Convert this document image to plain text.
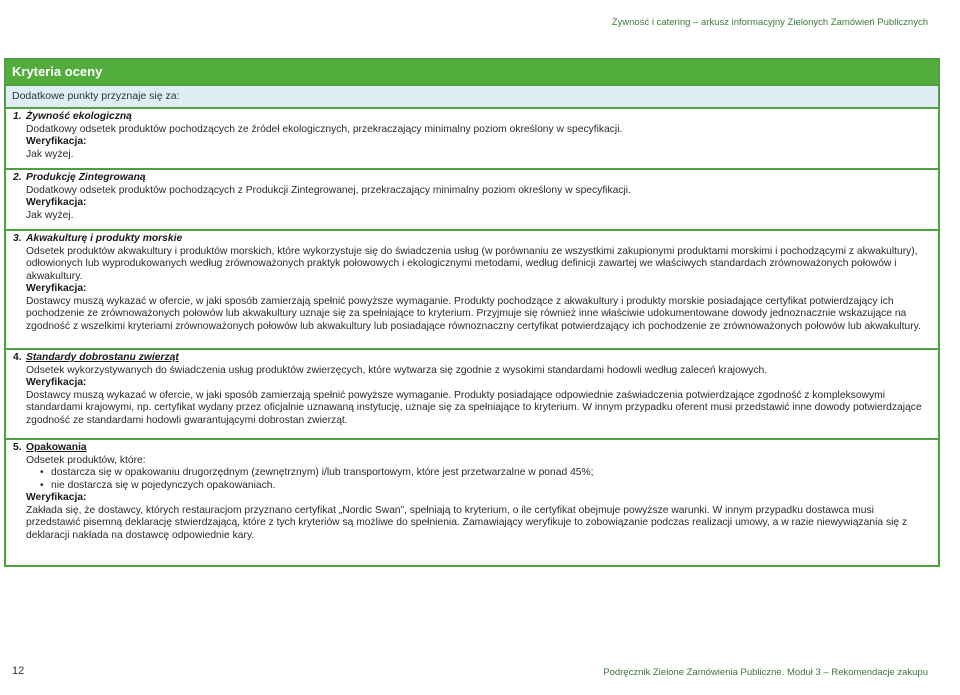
Żywność i catering – arkusz informacyjny Zielonych Zamówień Publicznych
Kryteria oceny
Dodatkowe punkty przyznaje się za:
1. Żywność ekologiczną
Dodatkowy odsetek produktów pochodzących ze źródeł ekologicznych, przekraczający minimalny poziom określony w specyfikacji.
Weryfikacja:
Jak wyżej.
2. Produkcję Zintegrowaną
Dodatkowy odsetek produktów pochodzących z Produkcji Zintegrowanej, przekraczający minimalny poziom określony w specyfikacji.
Weryfikacja:
Jak wyżej.
3. Akwakulturę i produkty morskie
Odsetek produktów akwakultury i produktów morskich, które wykorzystuje się do świadczenia usług (w porównaniu ze wszystkimi zakupionymi produktami morskimi i pochodzącymi z akwakultury), odłowionych lub wyprodukowanych według zrównoważonych praktyk połowowych i ekologicznymi metodami, według definicji zawartej we właściwych standardach zrównoważonych połowów i akwakultury.
Weryfikacja:
Dostawcy muszą wykazać w ofercie, w jaki sposób zamierzają spełnić powyższe wymaganie. Produkty pochodzące z akwakultury i produkty morskie posiadające certyfikat potwierdzający ich pochodzenie ze zrównoważonych połowów lub akwakultury uznaje się za spełniające to kryterium. Przyjmuje się również inne właściwie udokumentowane dowody jednoznacznie wskazujące na zgodność z wszelkimi kryteriami zrównoważonych połowów lub akwakultury lub posiadające równoznaczny certyfikat potwierdzający ich pochodzenie ze zrównoważonych połowów lub akwakultury.
4. Standardy dobrostanu zwierząt
Odsetek wykorzystywanych do świadczenia usług produktów zwierzęcych, które wytwarza się zgodnie z wysokimi standardami hodowli według zaleceń krajowych.
Weryfikacja:
Dostawcy muszą wykazać w ofercie, w jaki sposób zamierzają spełnić powyższe wymaganie. Produkty posiadające odpowiednie zaświadczenia potwierdzające zgodność z kompleksowymi standardami krajowymi, np. certyfikat wydany przez oficjalnie uznawaną instytucję, uznaje się za spełniające to kryterium. W innym przypadku oferent musi przedstawić inne dowody potwierdzające zgodność ze standardami hodowli gwarantującymi dobrostan zwierząt.
5. Opakowania
Odsetek produktów, które:
• dostarcza się w opakowaniu drugorzędnym (zewnętrznym) i/lub transportowym, które jest przetwarzalne w ponad 45%;
• nie dostarcza się w pojedynczych opakowaniach.
Weryfikacja:
Zakłada się, że dostawcy, których restauracjom przyznano certyfikat „Nordic Swan”, spełniają to kryterium, o ile certyfikat obejmuje powyższe warunki. W innym przypadku dostawca musi przedstawić pisemną deklarację stwierdzającą, które z tych kryteriów są możliwe do spełnienia. Zamawiający weryfikuje to zobowiązanie podczas realizacji umowy, a w razie niewywiązania się z deklaracji nakłada na dostawcę odpowiednie kary.
12	Podręcznik Zielone Zamówienia Publiczne. Moduł 3 – Rekomendacje zakupu
